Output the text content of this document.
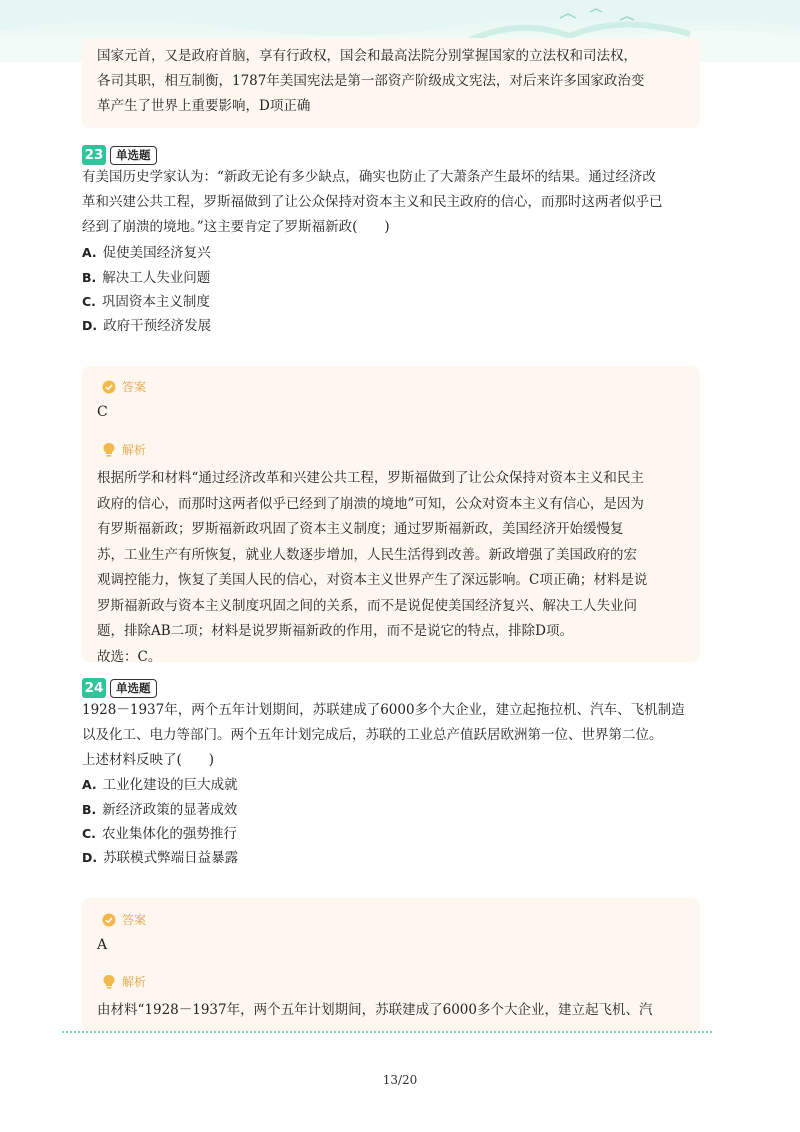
国家元首，又是政府首脑，享有行政权，国会和最高法院分别掌握国家的立法权和司法权，
各司其职，相互制衡，1787年美国宪法是第一部资产阶级成文宪法，对后来许多国家政治变
革产生了世界上重要影响，D项正确
23	单选题
有美国历史学家认为：“新政无论有多少缺点，确实也防止了大萧条产生最坏的结果。通过经济改
革和兴建公共工程，罗斯福做到了让公众保持对资本主义和民主政府的信心，而那时这两者似乎已
经到了崩溃的境地。”这主要肯定了罗斯福新政(　　)
A. 促使美国经济复兴
B. 解决工人失业问题
C. 巩固资本主义制度
D. 政府干预经济发展
答案
C
解析
根据所学和材料“通过经济改革和兴建公共工程，罗斯福做到了让公众保持对资本主义和民主
政府的信心，而那时这两者似乎已经到了崩溃的境地”可知，公众对资本主义有信心，是因为
有罗斯福新政；罗斯福新政巩固了资本主义制度；通过罗斯福新政，美国经济开始缓慢复
苏，工业生产有所恢复，就业人数逐步增加，人民生活得到改善。新政增强了美国政府的宏
观调控能力，恢复了美国人民的信心，对资本主义世界产生了深远影响。C项正确；材料是说
罗斯福新政与资本主义制度巩固之间的关系，而不是说促使美国经济复兴、解决工人失业问
题，排除AB二项；材料是说罗斯福新政的作用，而不是说它的特点，排除D项。
故选：C。
24	单选题
1928－1937年，两个五年计划期间，苏联建成了6000多个大企业，建立起拖拉机、汽车、飞机制造
以及化工、电力等部门。两个五年计划完成后，苏联的工业总产值跃居欧洲第一位、世界第二位。
上述材料反映了(　　)
A. 工业化建设的巨大成就
B. 新经济政策的显著成效
C. 农业集体化的强势推行
D. 苏联模式弊端日益暴露
答案
A
解析
由材料“1928－1937年，两个五年计划期间，苏联建成了6000多个大企业，建立起飞机、汽
13/20
